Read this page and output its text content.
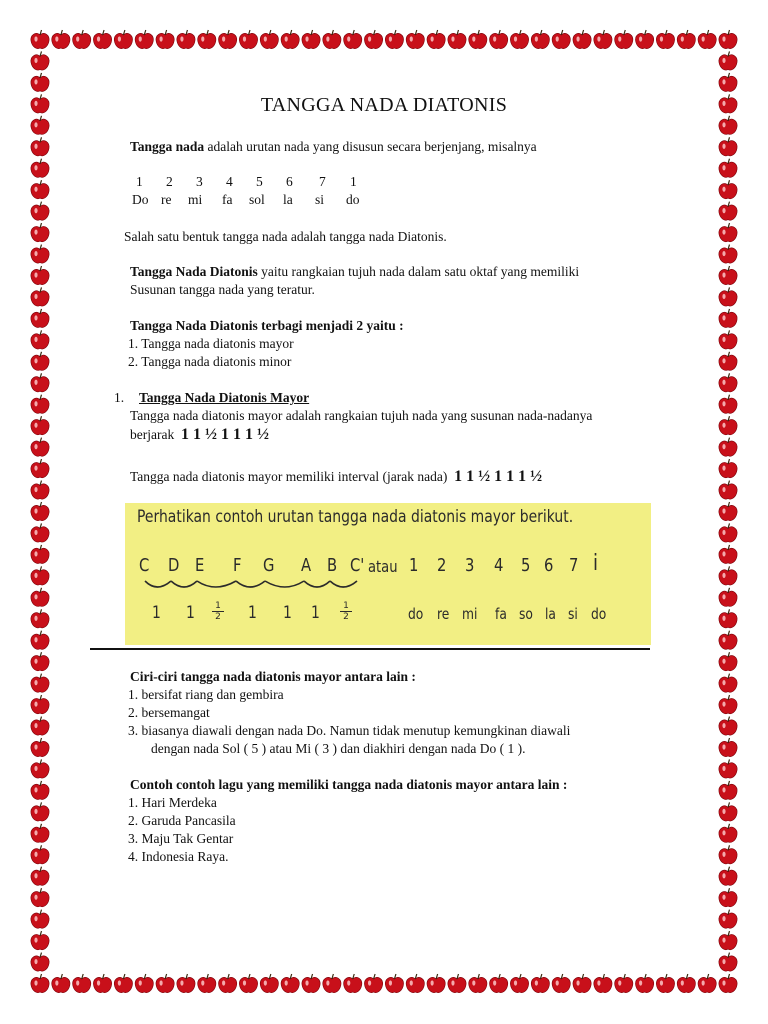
TANGGA NADA DIATONIS
Tangga nada adalah urutan nada yang disusun secara berjenjang, misalnya
1 2 3 4 5 6 7 1
Do re mi fa sol la si do
Salah satu bentuk tangga nada adalah tangga nada Diatonis.
Tangga Nada Diatonis yaitu rangkaian tujuh nada dalam satu oktaf yang memiliki
Susunan tangga nada yang teratur.
Tangga Nada Diatonis terbagi menjadi 2 yaitu :
1. Tangga nada diatonis mayor
2. Tangga nada diatonis minor
1. Tangga Nada Diatonis Mayor
Tangga nada diatonis mayor adalah rangkaian tujuh nada yang susunan nada-nadanya
berjarak 1 1 ½ 1 1 1 ½
Tangga nada diatonis mayor memiliki interval (jarak nada) 1 1 ½ 1 1 1 ½
Perhatikan contoh urutan tangga nada diatonis mayor berikut.
C D E F G A B C' atau 1 2 3 4 5 6 7 i
1 $1 \frac{1}{2} 1$ 1 $1 \frac{1}{2}$	do re mi fa so la si do
Ciri-ciri tangga nada diatonis mayor antara lain :
1. bersifat riang dan gembira
2. bersemangat
3. biasanya diawali dengan nada Do. Namun tidak menutup kemungkinan diawali
dengan nada Sol ( 5 ) atau Mi ( 3 ) dan diakhiri dengan nada Do ( 1 ).
Contoh contoh lagu yang memiliki tangga nada diatonis mayor antara lain :
1. Hari Merdeka
2. Garuda Pancasila
3. Maju Tak Gentar
4. Indonesia Raya.
